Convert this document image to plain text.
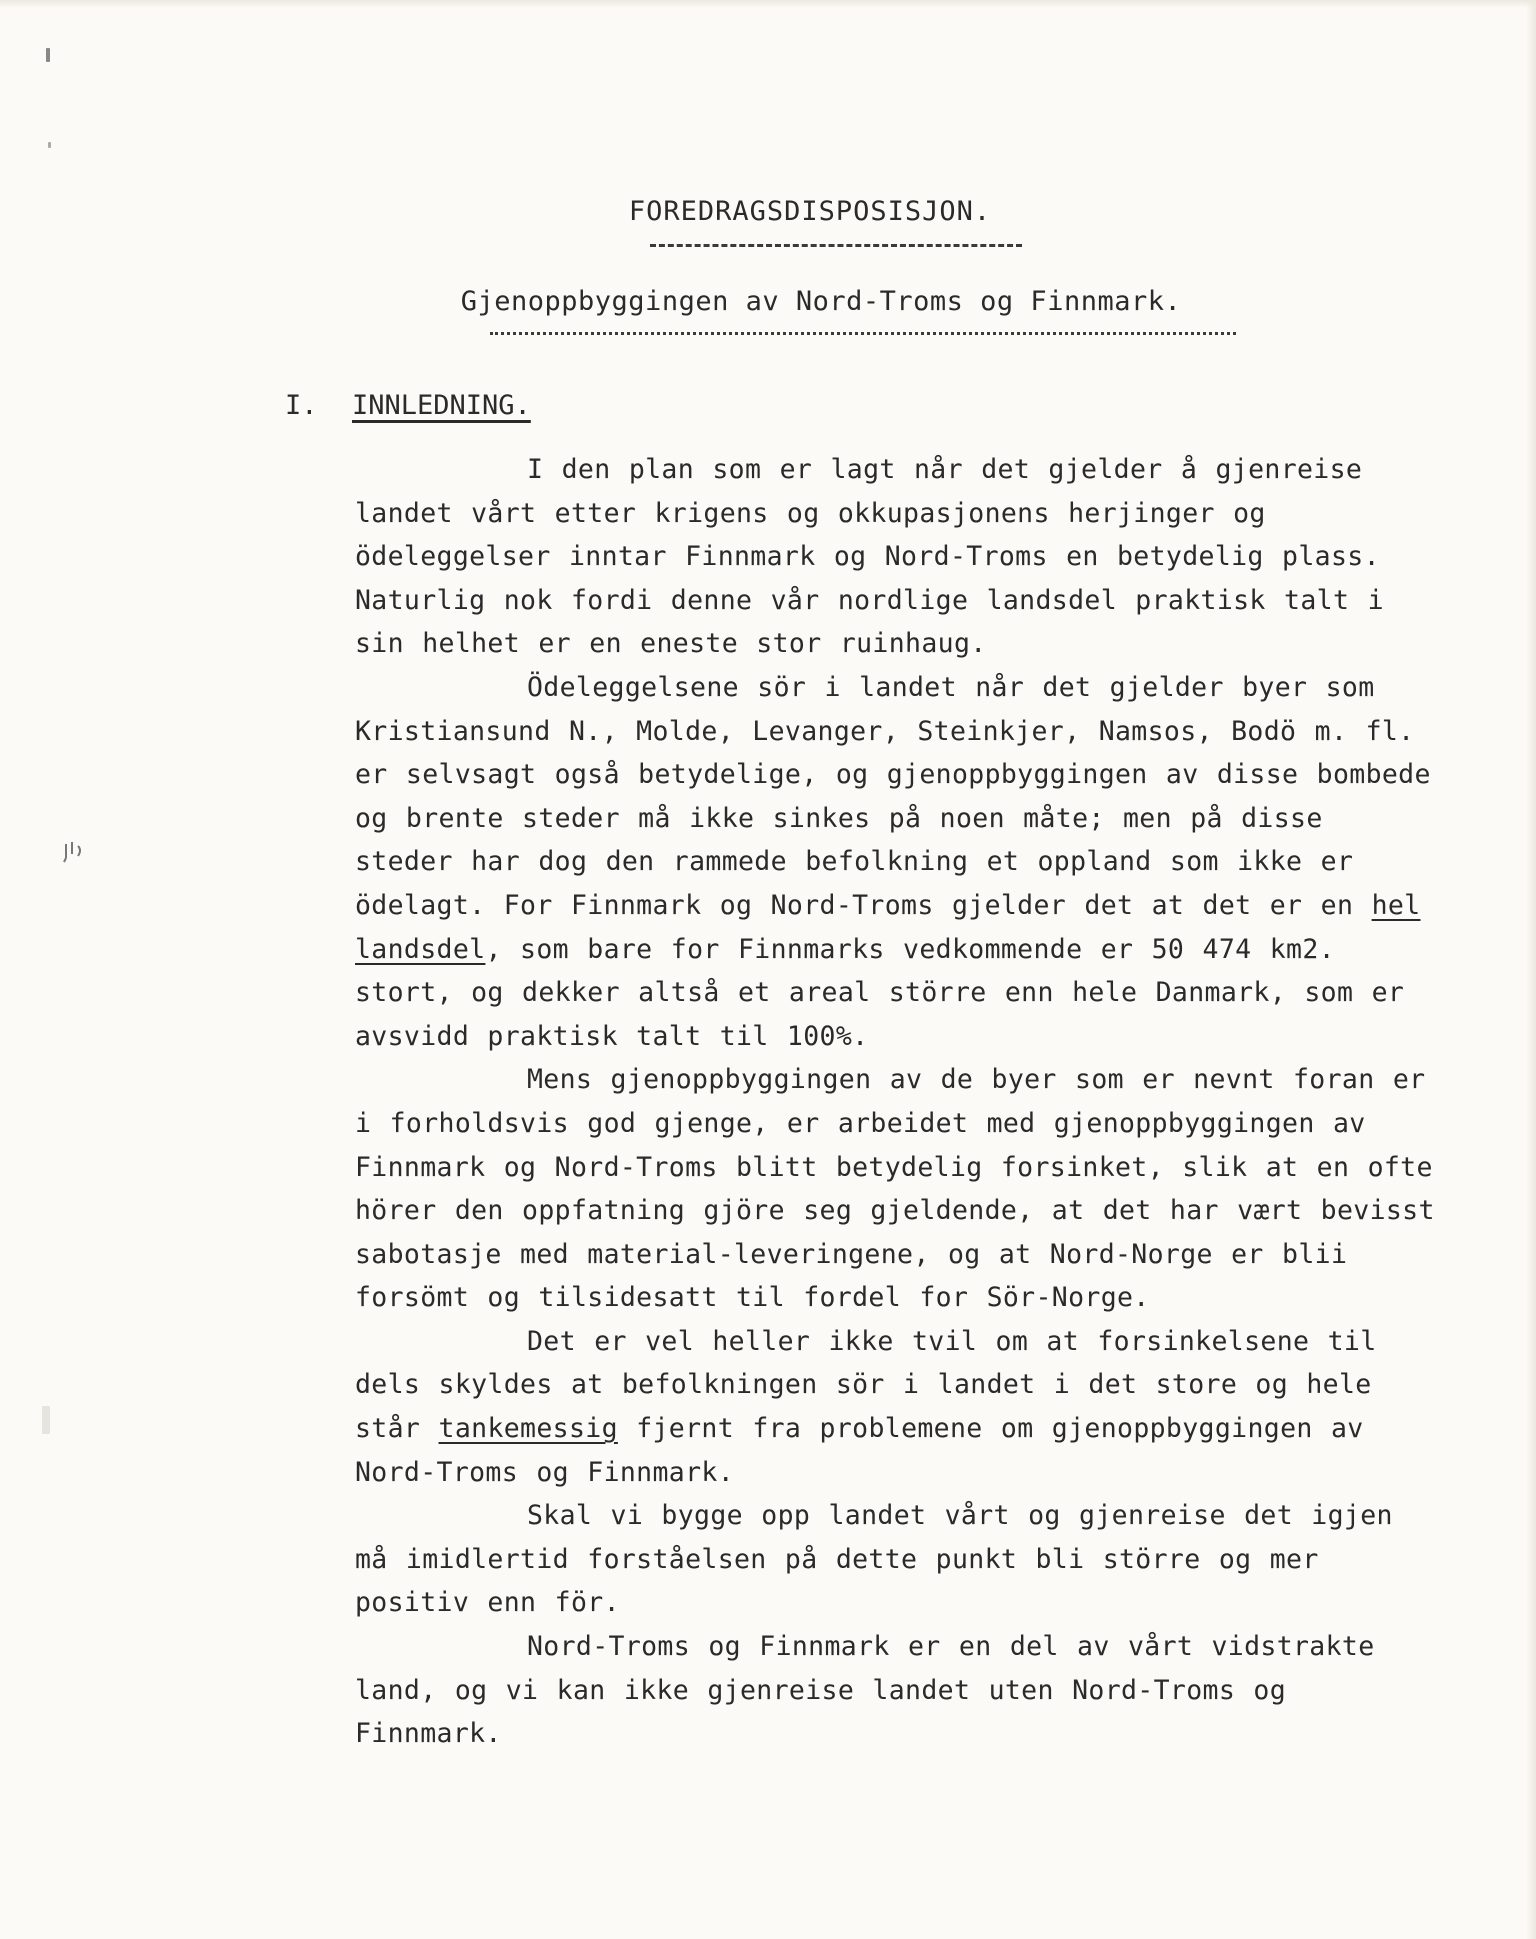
FOREDRAGSDISPOSISJON.
Gjenoppbyggingen av Nord-Troms og Finnmark.
I. INNLEDNING.

I den plan som er lagt når det gjelder å gjenreise landet vårt etter krigens og okkupasjonens herjinger og ödeleggelser inntar Finnmark og Nord-Troms en betydelig plass. Naturlig nok fordi denne vår nordlige landsdel praktisk talt i sin helhet er en eneste stor ruinhaug.

Ödeleggelsene sör i landet når det gjelder byer som Kristiansund N., Molde, Levanger, Steinkjer, Namsos, Bodö m. fl. er selvsagt også betydelige, og gjenoppbyggingen av disse bombede og brente steder må ikke sinkes på noen måte; men på disse steder har dog den rammede befolkning et oppland som ikke er ödelagt. For Finnmark og Nord-Troms gjelder det at det er en hel landsdel, som bare for Finnmarks vedkommende er 50 474 km2. stort, og dekker altså et areal större enn hele Danmark, som er avsvidd praktisk talt til 100%.

Mens gjenoppbyggingen av de byer som er nevnt foran er i forholdsvis god gjenge, er arbeidet med gjenoppbyggingen av Finnmark og Nord-Troms blitt betydelig forsinket, slik at en ofte hörer den oppfatning gjöre seg gjeldende, at det har vært bevisst sabotasje med material-leveringene, og at Nord-Norge er blii forsömt og tilsidesatt til fordel for Sör-Norge.

Det er vel heller ikke tvil om at forsinkelsene til dels skyldes at befolkningen sör i landet i det store og hele står tankemessig fjernt fra problemene om gjenoppbyggingen av Nord-Troms og Finnmark.

Skal vi bygge opp landet vårt og gjenreise det igjen må imidlertid forståelsen på dette punkt bli större og mer positiv enn för.

Nord-Troms og Finnmark er en del av vårt vidstrakte land, og vi kan ikke gjenreise landet uten Nord-Troms og Finnmark.
